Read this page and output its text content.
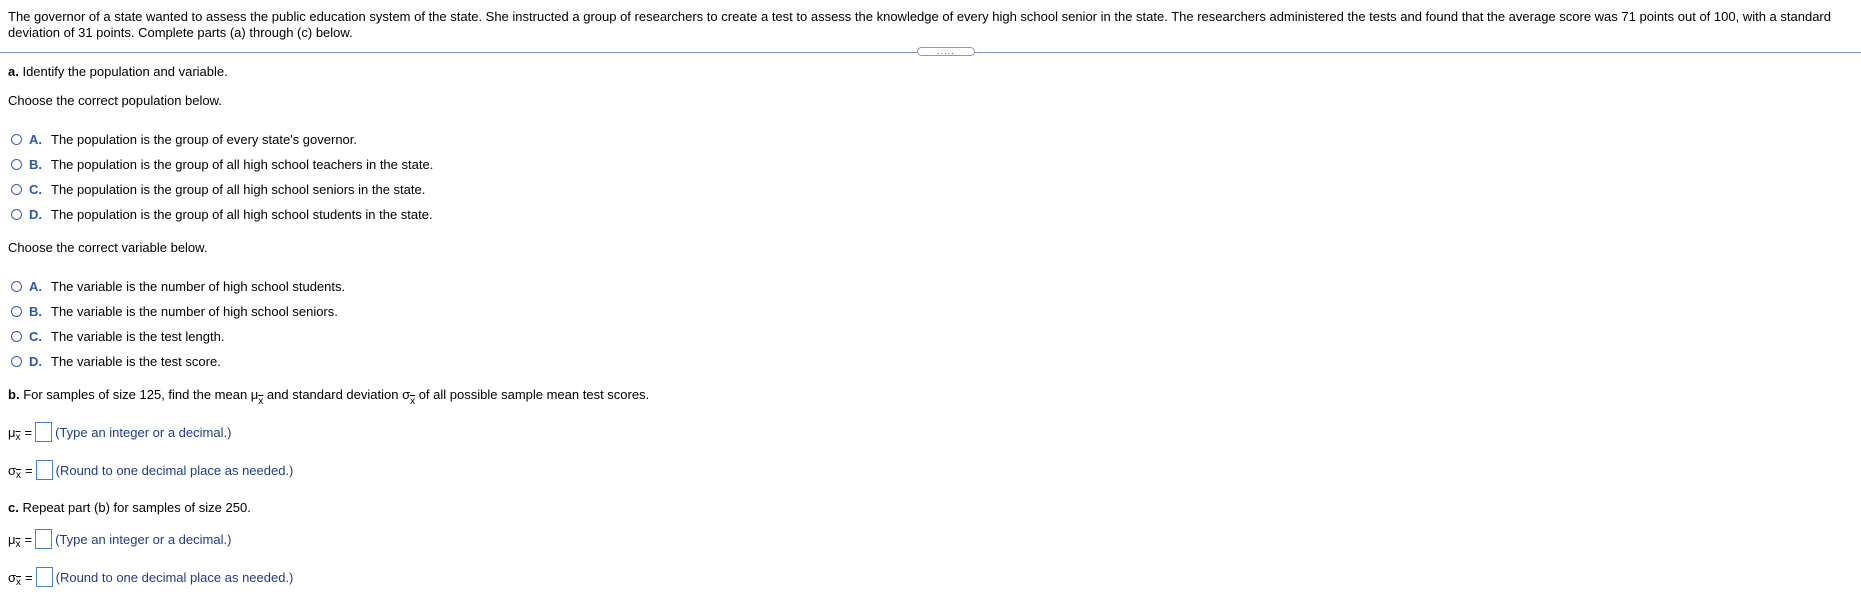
The governor of a state wanted to assess the public education system of the state. She instructed a group of researchers to create a test to assess the knowledge of every high school senior in the state. The researchers administered the tests and found that the average score was 71 points out of 100, with a standard deviation of 31 points. Complete parts (a) through (c) below.
.....
a. Identify the population and variable.
Choose the correct population below.
A. The population is the group of every state's governor.
B. The population is the group of all high school teachers in the state.
C. The population is the group of all high school seniors in the state.
D. The population is the group of all high school students in the state.
Choose the correct variable below.
A. The variable is the number of high school students.
B. The variable is the number of high school seniors.
C. The variable is the test length.
D. The variable is the test score.
b. For samples of size 125, find the mean $\mu_{\overline{x}}$ and standard deviation $\sigma_{\overline{x}}$ of all possible sample mean test scores.
μ $\overline{x}$ = (Type an integer or a decimal.)
σ $\overline{x}$ = (Round to one decimal place as needed.)
c. Repeat part (b) for samples of size 250.
μ $\overline{x}$ = (Type an integer or a decimal.)
σ $\overline{x}$ = (Round to one decimal place as needed.)
